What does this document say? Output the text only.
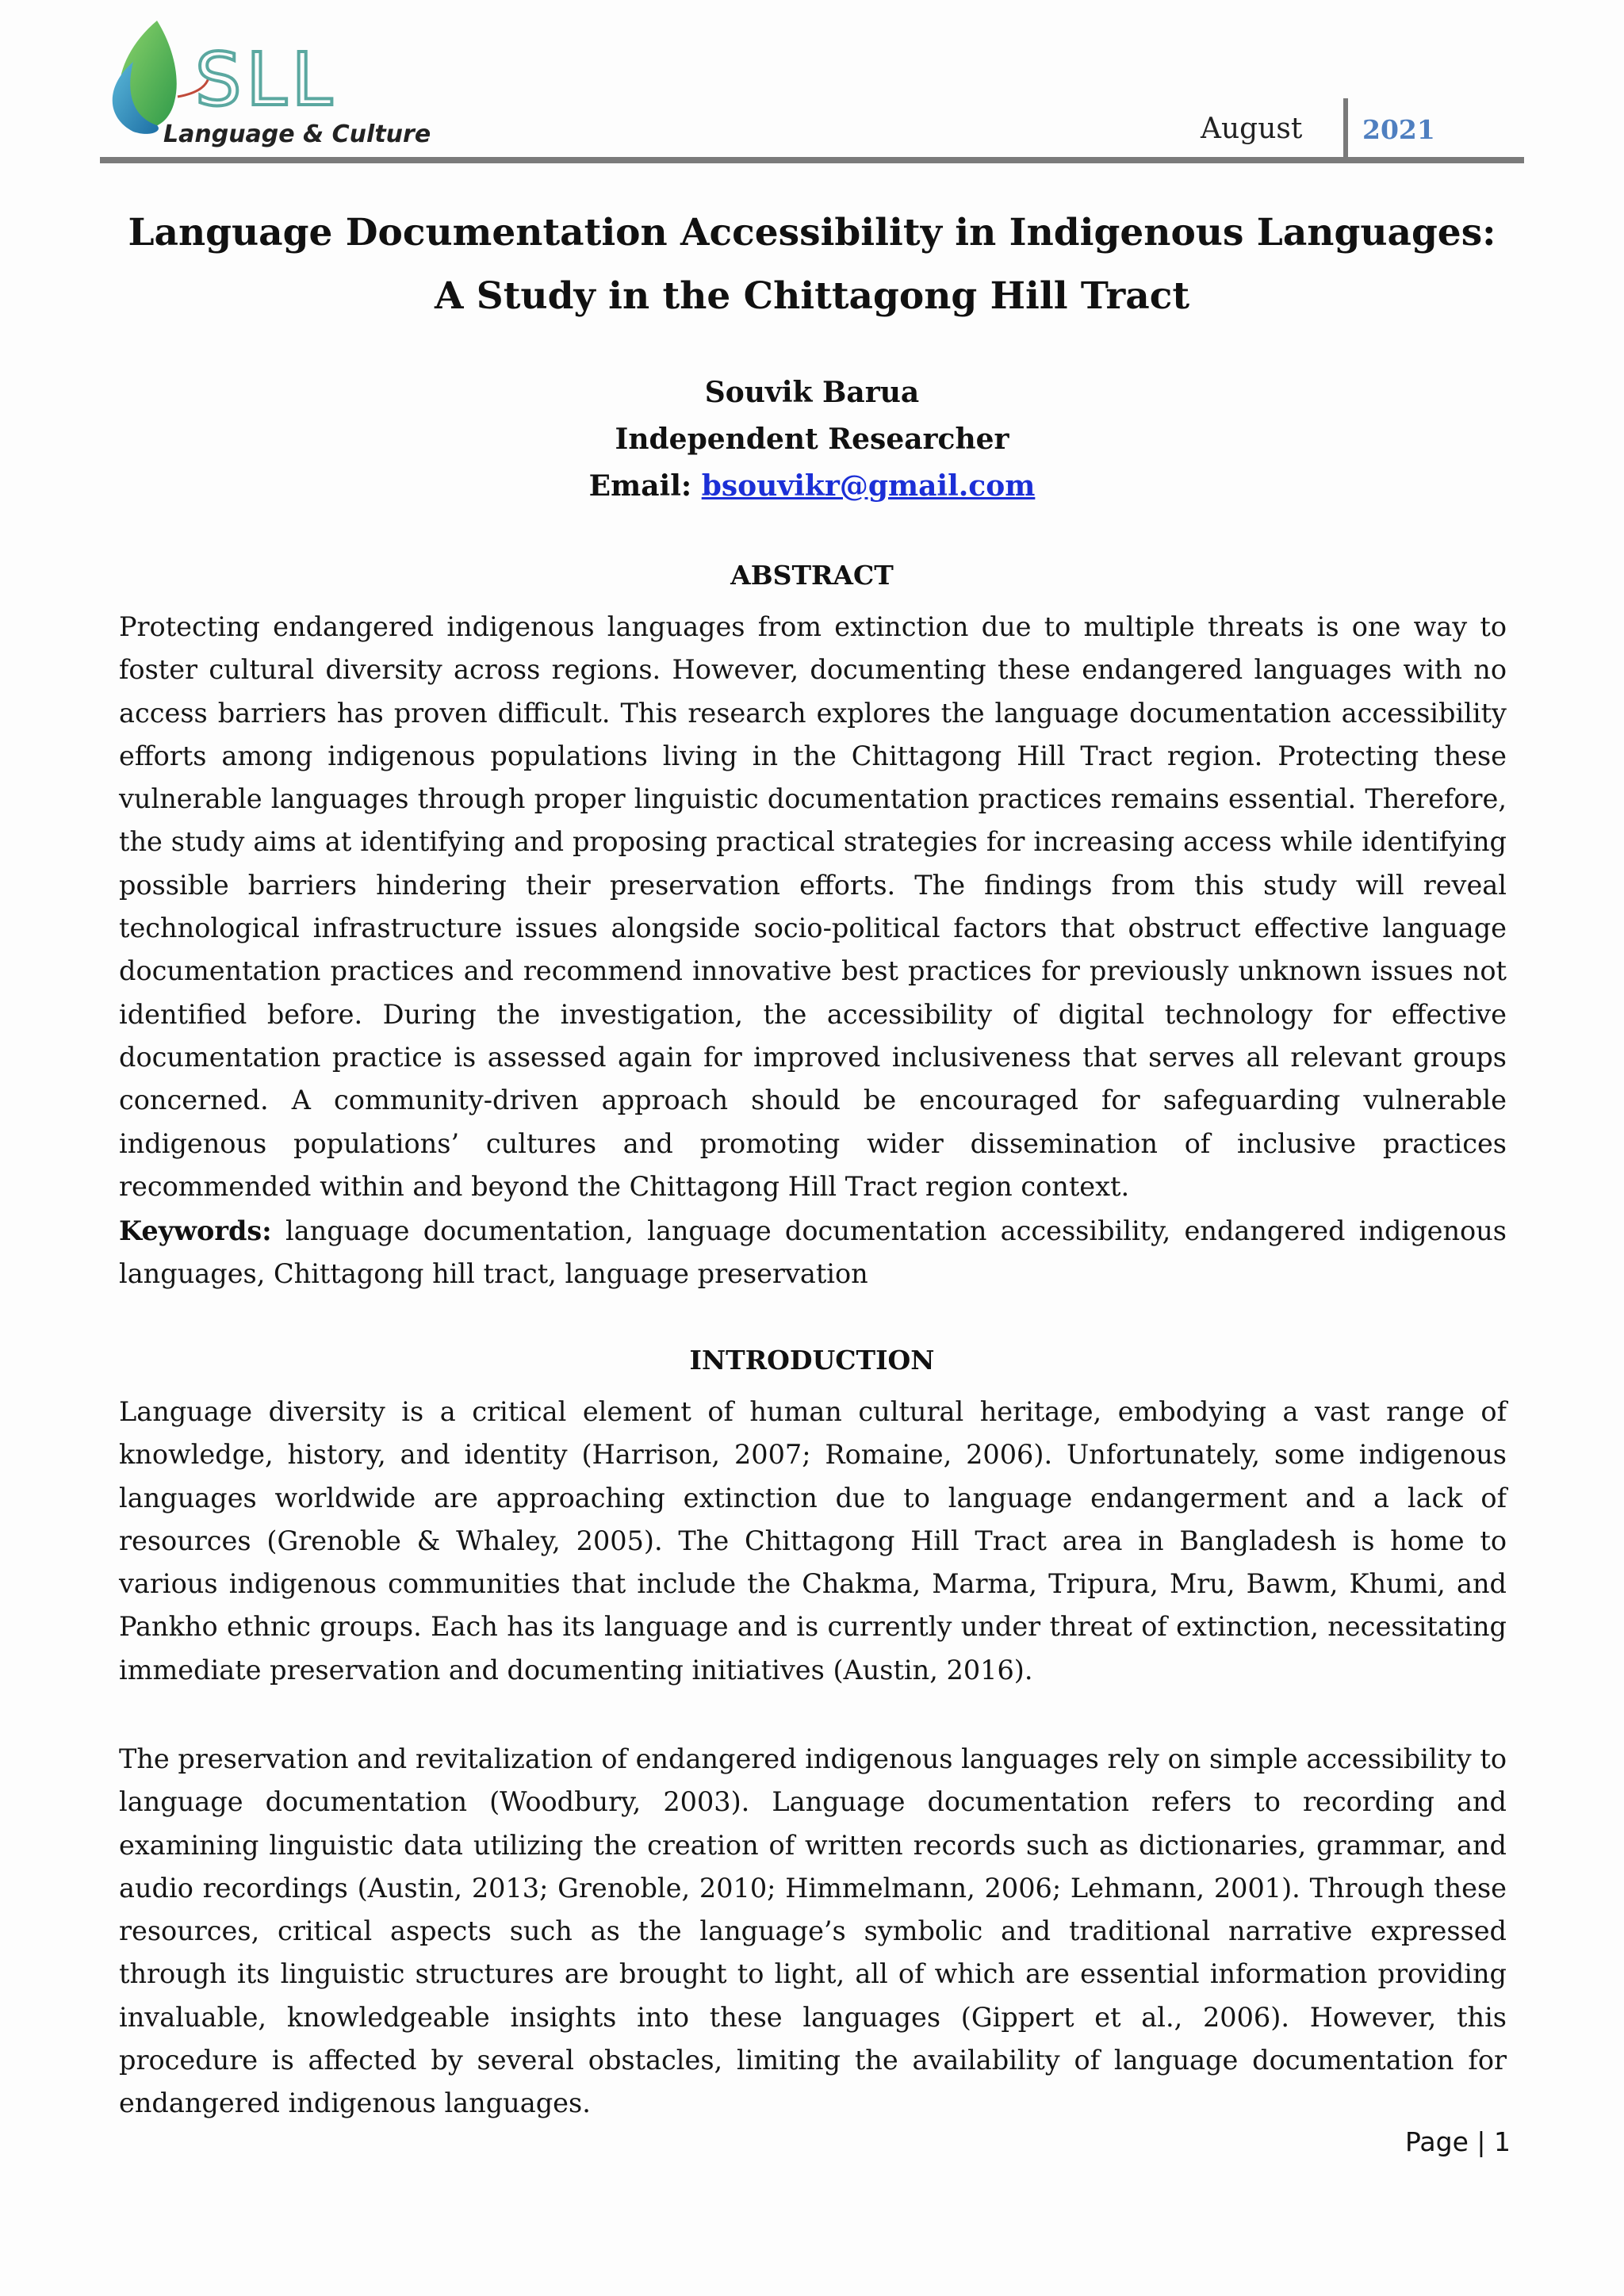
SLL
Language & Culture	August 2021
Language Documentation Accessibility in Indigenous Languages: A Study in the Chittagong Hill Tract
Souvik Barua
Independent Researcher
Email: bsouvikr@gmail.com
ABSTRACT
Protecting endangered indigenous languages from extinction due to multiple threats is one way to foster cultural diversity across regions. However, documenting these endangered languages with no access barriers has proven difficult. This research explores the language documentation accessibility efforts among indigenous populations living in the Chittagong Hill Tract region. Protecting these vulnerable languages through proper linguistic documentation practices remains essential. Therefore, the study aims at identifying and proposing practical strategies for increasing access while identifying possible barriers hindering their preservation efforts. The findings from this study will reveal technological infrastructure issues alongside socio-political factors that obstruct effective language documentation practices and recommend innovative best practices for previously unknown issues not identified before. During the investigation, the accessibility of digital technology for effective documentation practice is assessed again for improved inclusiveness that serves all relevant groups concerned. A community-driven approach should be encouraged for safeguarding vulnerable indigenous populations’ cultures and promoting wider dissemination of inclusive practices recommended within and beyond the Chittagong Hill Tract region context.
Keywords: language documentation, language documentation accessibility, endangered indigenous languages, Chittagong hill tract, language preservation
INTRODUCTION
Language diversity is a critical element of human cultural heritage, embodying a vast range of knowledge, history, and identity (Harrison, 2007; Romaine, 2006). Unfortunately, some indigenous languages worldwide are approaching extinction due to language endangerment and a lack of resources (Grenoble & Whaley, 2005). The Chittagong Hill Tract area in Bangladesh is home to various indigenous communities that include the Chakma, Marma, Tripura, Mru, Bawm, Khumi, and Pankho ethnic groups. Each has its language and is currently under threat of extinction, necessitating immediate preservation and documenting initiatives (Austin, 2016).
The preservation and revitalization of endangered indigenous languages rely on simple accessibility to language documentation (Woodbury, 2003). Language documentation refers to recording and examining linguistic data utilizing the creation of written records such as dictionaries, grammar, and audio recordings (Austin, 2013; Grenoble, 2010; Himmelmann, 2006; Lehmann, 2001). Through these resources, critical aspects such as the language’s symbolic and traditional narrative expressed through its linguistic structures are brought to light, all of which are essential information providing invaluable, knowledgeable insights into these languages (Gippert et al., 2006). However, this procedure is affected by several obstacles, limiting the availability of language documentation for endangered indigenous languages.
Page | 1
